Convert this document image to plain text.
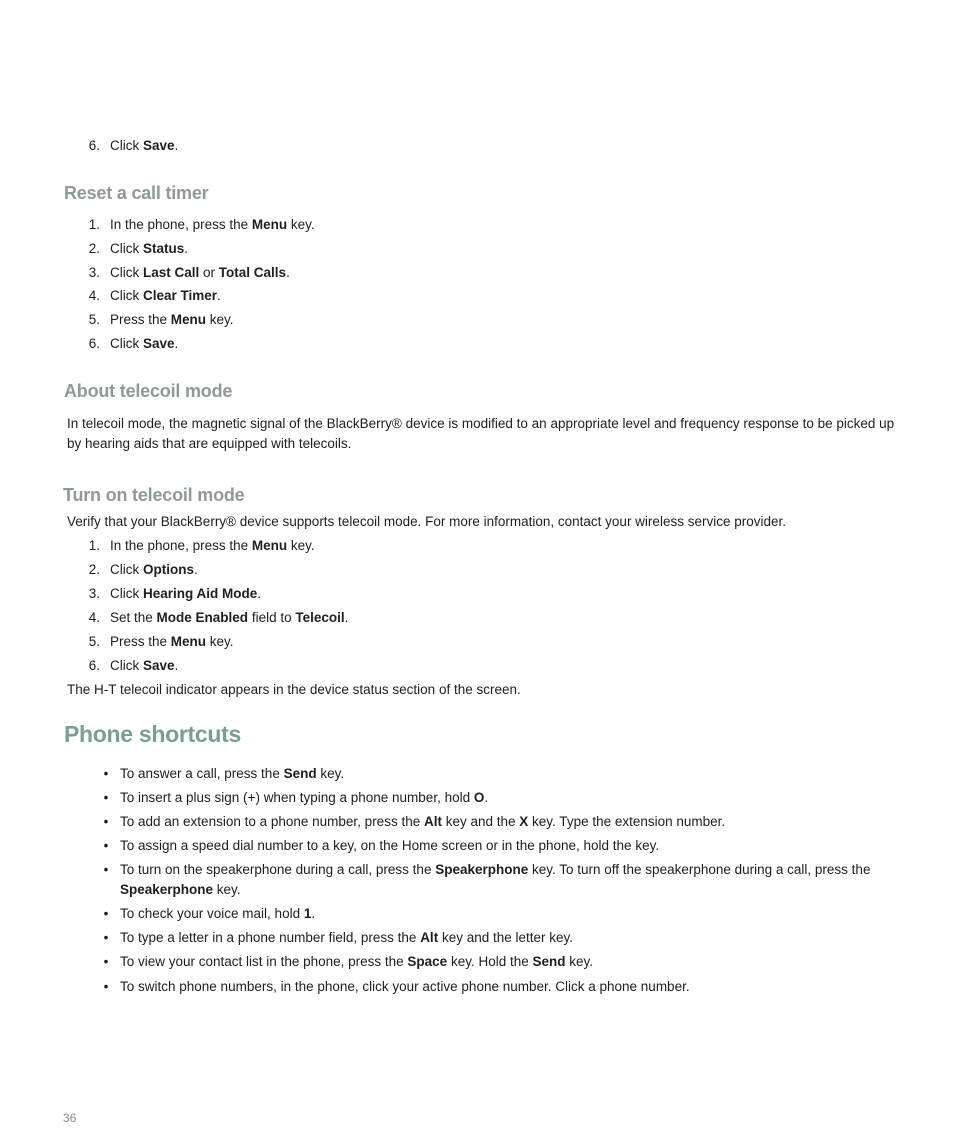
6. Click Save.
Reset a call timer
1. In the phone, press the Menu key.
2. Click Status.
3. Click Last Call or Total Calls.
4. Click Clear Timer.
5. Press the Menu key.
6. Click Save.
About telecoil mode
In telecoil mode, the magnetic signal of the BlackBerry® device is modified to an appropriate level and frequency response to be picked up by hearing aids that are equipped with telecoils.
Turn on telecoil mode
Verify that your BlackBerry® device supports telecoil mode. For more information, contact your wireless service provider.
1. In the phone, press the Menu key.
2. Click Options.
3. Click Hearing Aid Mode.
4. Set the Mode Enabled field to Telecoil.
5. Press the Menu key.
6. Click Save.
The H-T telecoil indicator appears in the device status section of the screen.
Phone shortcuts
• To answer a call, press the Send key.
• To insert a plus sign (+) when typing a phone number, hold O.
• To add an extension to a phone number, press the Alt key and the X key. Type the extension number.
• To assign a speed dial number to a key, on the Home screen or in the phone, hold the key.
• To turn on the speakerphone during a call, press the Speakerphone key. To turn off the speakerphone during a call, press the
Speakerphone key.
• To check your voice mail, hold 1.
• To type a letter in a phone number field, press the Alt key and the letter key.
• To view your contact list in the phone, press the Space key. Hold the Send key.
• To switch phone numbers, in the phone, click your active phone number. Click a phone number.
36
